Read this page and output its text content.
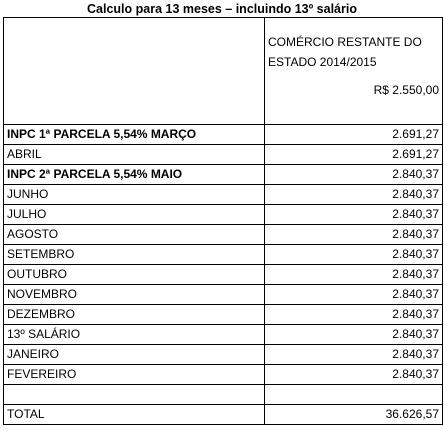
Calculo para 13 meses – incluindo 13º salário

	COMÉRCIO RESTANTE DO
ESTADO 2014/2015
R$ 2.550,00

INPC 1ª PARCELA 5,54% MARÇO	2.691,27
ABRIL	2.691,27
INPC 2ª PARCELA 5,54% MAIO	2.840,37
JUNHO	2.840,37
JULHO	2.840,37
AGOSTO	2.840,37
SETEMBRO	2.840,37
OUTUBRO	2.840,37
NOVEMBRO	2.840,37
DEZEMBRO	2.840,37
13º SALÁRIO	2.840,37
JANEIRO	2.840,37
FEVEREIRO	2.840,37

TOTAL	36.626,57
